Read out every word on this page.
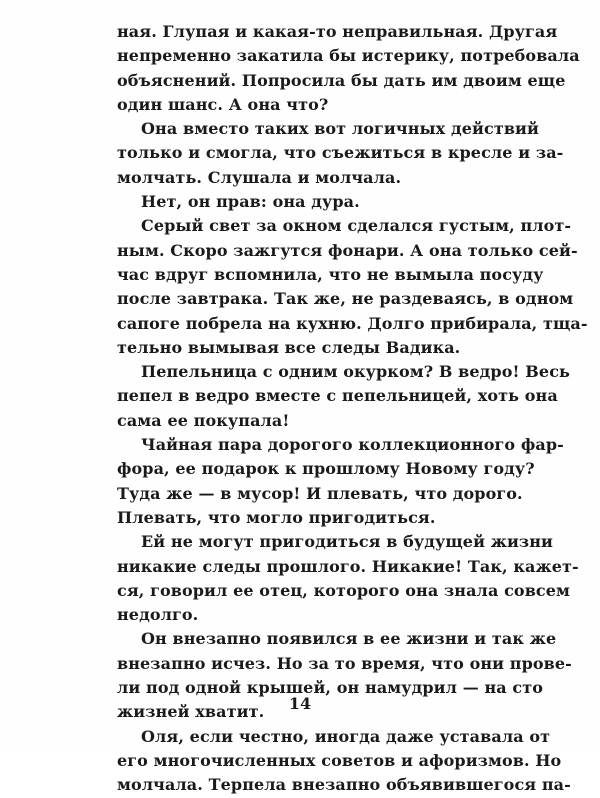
ная. Глупая и какая-то неправильная. Другая
непременно закатила бы истерику, потребовала
объяснений. Попросила бы дать им двоим еще
один шанс. А она что?
Она вместо таких вот логичных действий
только и смогла, что съежиться в кресле и за-
молчать. Слушала и молчала.
Нет, он прав: она дура.
Серый свет за окном сделался густым, плот-
ным. Скоро зажгутся фонари. А она только сей-
час вдруг вспомнила, что не вымыла посуду
после завтрака. Так же, не раздеваясь, в одном
сапоге побрела на кухню. Долго прибирала, тща-
тельно вымывая все следы Вадика.
Пепельница с одним окурком? В ведро! Весь
пепел в ведро вместе с пепельницей, хоть она
сама ее покупала!
Чайная пара дорогого коллекционного фар-
фора, ее подарок к прошлому Новому году?
Туда же — в мусор! И плевать, что дорого.
Плевать, что могло пригодиться.
Ей не могут пригодиться в будущей жизни
никакие следы прошлого. Никакие! Так, кажет-
ся, говорил ее отец, которого она знала совсем
недолго.
Он внезапно появился в ее жизни и так же
внезапно исчез. Но за то время, что они прове-
ли под одной крышей, он намудрил — на сто
жизней хватит.
Оля, если честно, иногда даже уставала от
его многочисленных советов и афоризмов. Но
молчала. Терпела внезапно объявившегося па-
14
